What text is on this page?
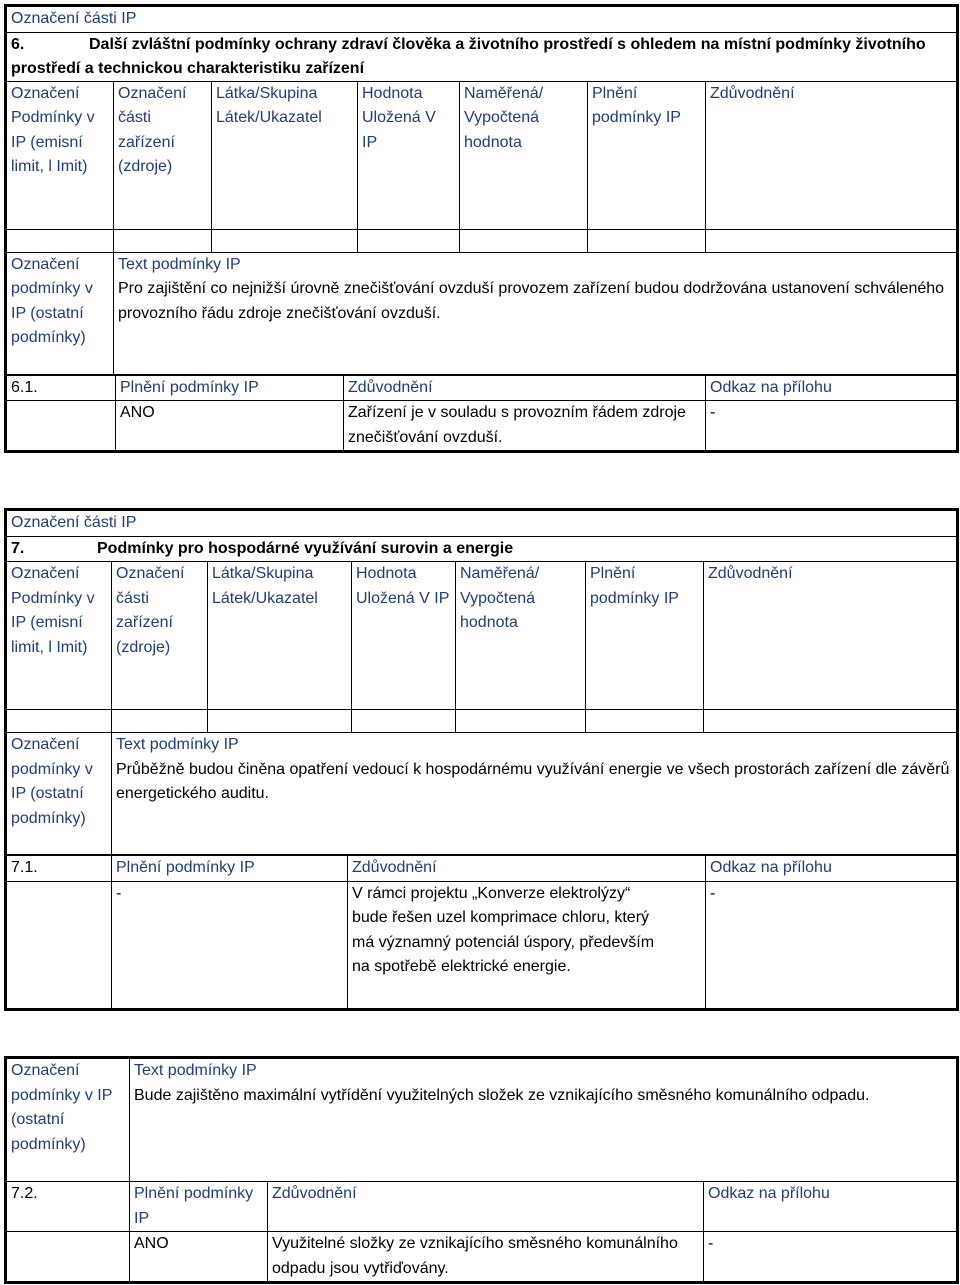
Označení části IP						
6. Další zvláštní podmínky ochrany zdraví člověka a životního prostředí s ohledem na místní podmínky životního prostředí a technickou charakteristiku zařízení						
Označení Podmínky v IP (emisní limit, l Imit)	Označení části zařízení (zdroje)	Látka/Skupina Látek/Ukazatel	Hodnota Uložená V IP	Naměřená/ Vypočtená hodnota	Plnění podmínky IP	Zdůvodnění

Označení podmínky v IP (ostatní podmínky)	Text podmínky IP
Pro zajištění co nejnižší úrovně znečišťování ovzduší provozem zařízení budou dodržována ustanovení schváleného provozního řádu zdroje znečišťování ovzduší.					
6.1.	Plnění podmínky IP	Zdůvodnění	Odkaz na přílohu
	ANO	Zařízení je v souladu s provozním řádem zdroje znečišťování ovzduší.	-
Označení části IP						
7. Podmínky pro hospodárné využívání surovin a energie						
Označení Podmínky v IP (emisní limit, l Imit)	Označení části zařízení (zdroje)	Látka/Skupina Látek/Ukazatel	Hodnota Uložená V IP	Naměřená/ Vypočtená hodnota	Plnění podmínky IP	Zdůvodnění

Označení podmínky v IP (ostatní podmínky)	Text podmínky IP
Průběžně budou činěna opatření vedoucí k hospodárnému využívání energie ve všech prostorách zařízení dle závěrů energetického auditu.					
7.1.	Plnění podmínky IP	Zdůvodnění	Odkaz na přílohu
	-	V rámci projektu „Konverze elektrolýzy“ bude řešen uzel komprimace chloru, který má významný potenciál úspory, především na spotřebě elektrické energie.	-
Označení podmínky v IP (ostatní podmínky)	Text podmínky IP
Bude zajištěno maximální vytřídění využitelných složek ze vznikajícího směsného komunálního odpadu.		

7.2.	Plnění podmínky IP	Zdůvodnění	Odkaz na přílohu
	ANO	Využitelné složky ze vznikajícího směsného komunálního odpadu jsou vytřiďovány.	-
